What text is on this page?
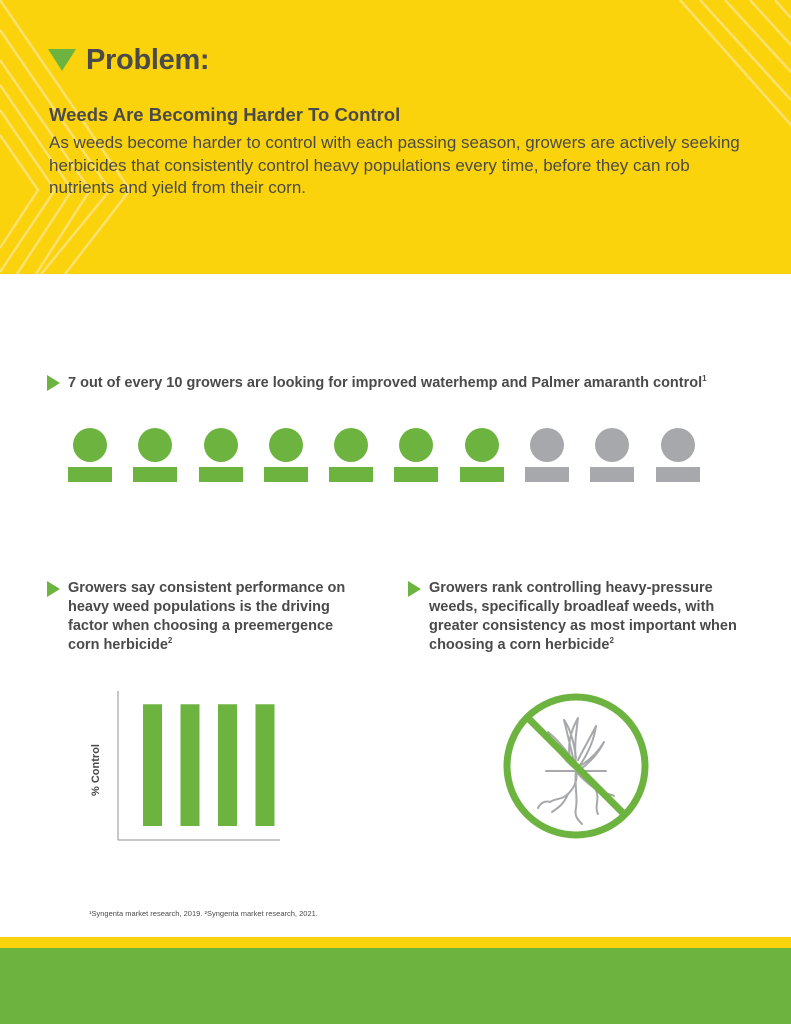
Problem:
Weeds Are Becoming Harder To Control
As weeds become harder to control with each passing season, growers are actively seeking herbicides that consistently control heavy populations every time, before they can rob nutrients and yield from their corn.
7 out of every 10 growers are looking for improved waterhemp and Palmer amaranth control$^1$
Growers say consistent performance on heavy weed populations is the driving factor when choosing a preemergence corn herbicide$^2$
Growers rank controlling heavy-pressure weeds, specifically broadleaf weeds, with greater consistency as most important when choosing a corn herbicide$^2$
% Control
¹Syngenta market research, 2019. ²Syngenta market research, 2021.
